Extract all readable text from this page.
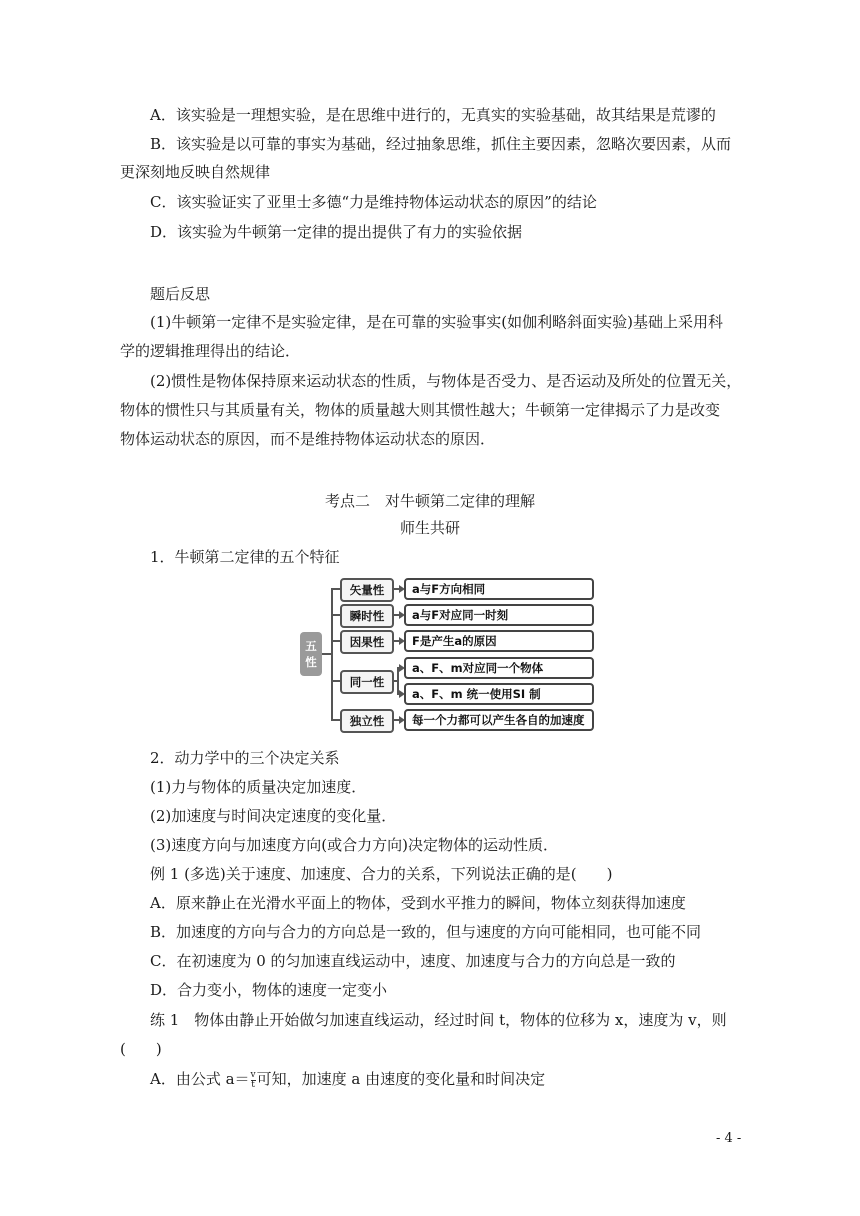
A．该实验是一理想实验，是在思维中进行的，无真实的实验基础，故其结果是荒谬的

B．该实验是以可靠的事实为基础，经过抽象思维，抓住主要因素，忽略次要因素，从而

更深刻地反映自然规律

C．该实验证实了亚里士多德“力是维持物体运动状态的原因”的结论

D．该实验为牛顿第一定律的提出提供了有力的实验依据

题后反思

(1)牛顿第一定律不是实验定律，是在可靠的实验事实(如伽利略斜面实验)基础上采用科

学的逻辑推理得出的结论．

(2)惯性是物体保持原来运动状态的性质，与物体是否受力、是否运动及所处的位置无关，

物体的惯性只与其质量有关，物体的质量越大则其惯性越大；牛顿第一定律揭示了力是改变

物体运动状态的原因，而不是维持物体运动状态的原因．

考点二　对牛顿第二定律的理解

师生共研

1．牛顿第二定律的五个特征

五
性
矢量性
瞬时性
因果性
同一性
独立性
a与F方向相同
a与F对应同一时刻
F是产生a的原因
a、F、m对应同一个物体
a、F、m 统一使用SI 制
每一个力都可以产生各自的加速度

2．动力学中的三个决定关系

(1)力与物体的质量决定加速度．

(2)加速度与时间决定速度的变化量．

(3)速度方向与加速度方向(或合力方向)决定物体的运动性质．

例 1 (多选)关于速度、加速度、合力的关系，下列说法正确的是(　　)

A．原来静止在光滑水平面上的物体，受到水平推力的瞬间，物体立刻获得加速度

B．加速度的方向与合力的方向总是一致的，但与速度的方向可能相同，也可能不同

C．在初速度为 0 的匀加速直线运动中，速度、加速度与合力的方向总是一致的

D．合力变小，物体的速度一定变小

练 1　物体由静止开始做匀加速直线运动，经过时间 t，物体的位移为 x，速度为 v，则

(　　)

A．由公式 $a= \frac{v}{t}$ 可知，加速度 a 由速度的变化量和时间决定

- 4 -
